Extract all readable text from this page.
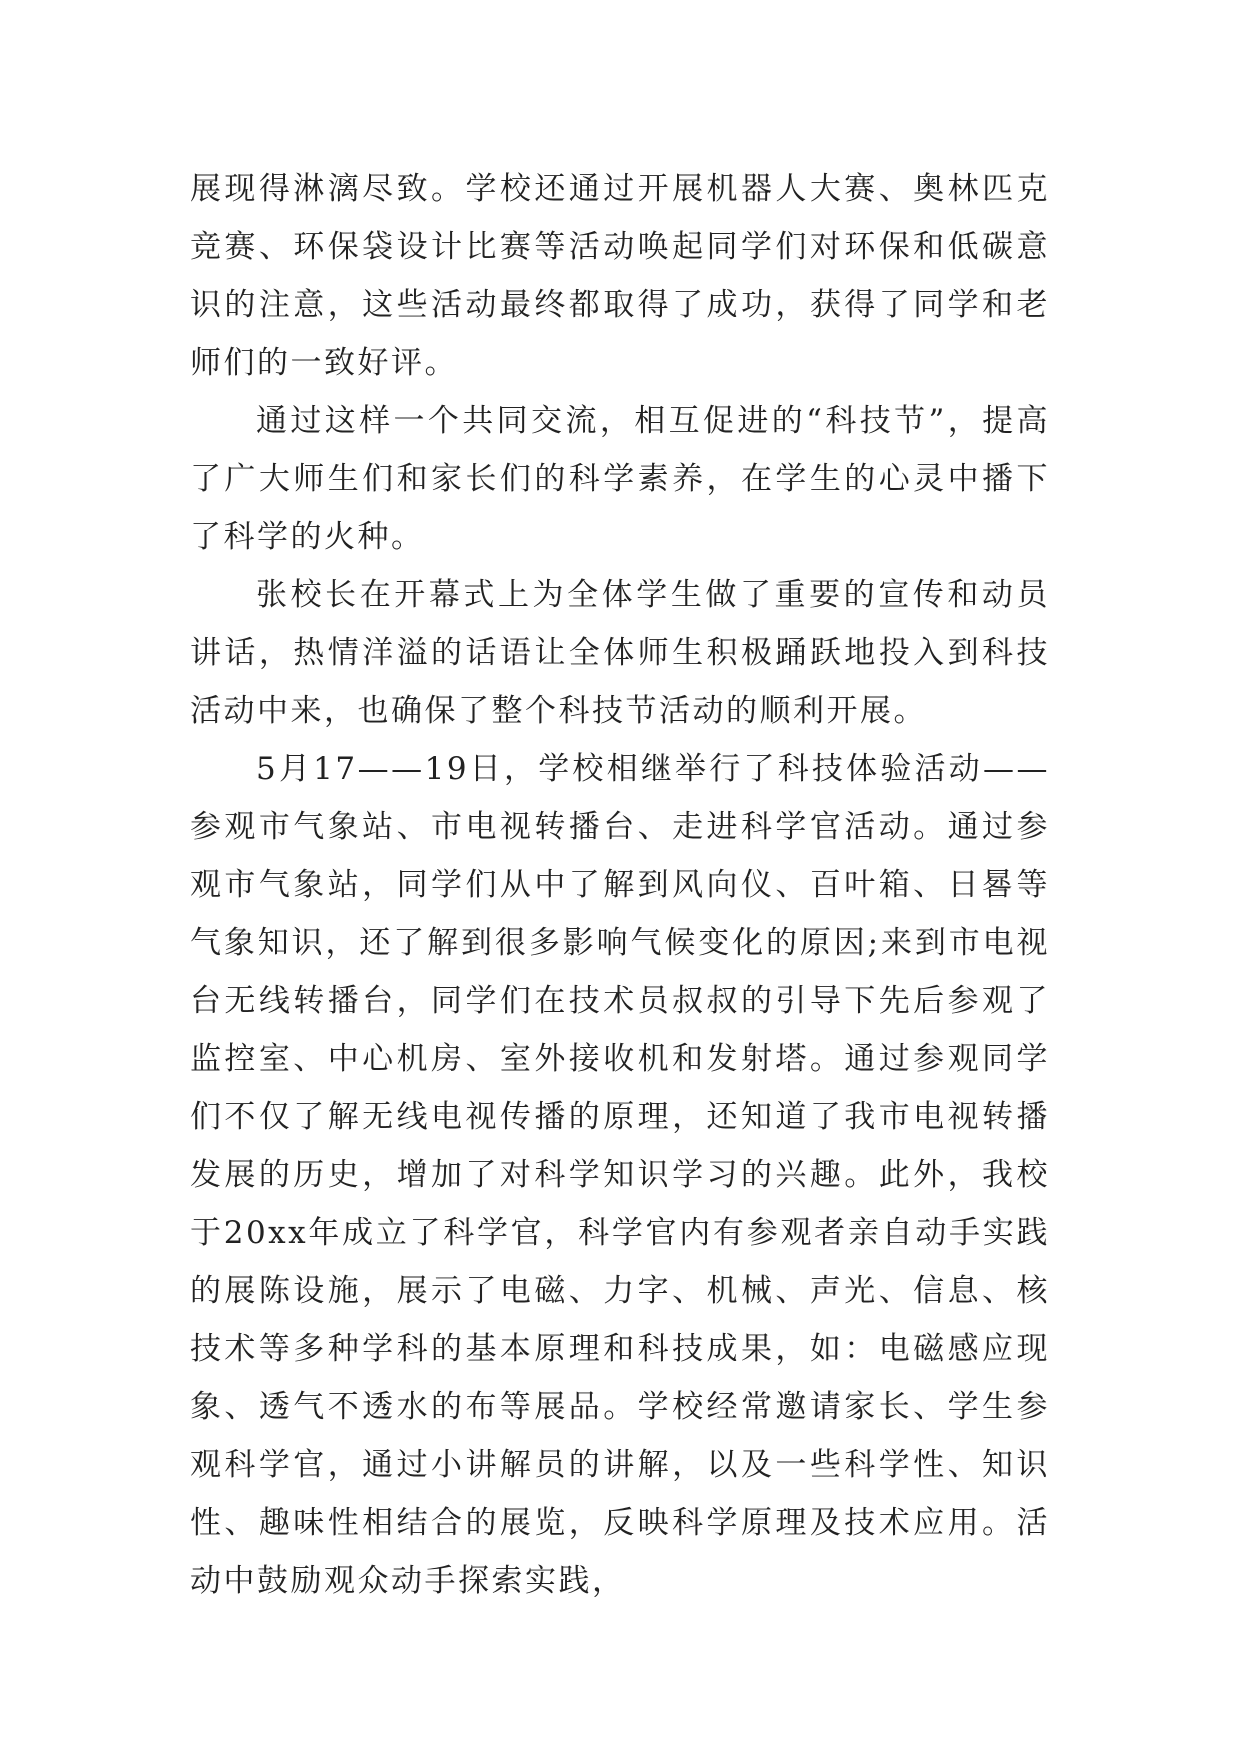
展现得淋漓尽致。学校还通过开展机器人大赛、奥林匹克竞赛、环保袋设计比赛等活动唤起同学们对环保和低碳意识的注意，这些活动最终都取得了成功，获得了同学和老师们的一致好评。

通过这样一个共同交流，相互促进的“科技节”，提高了广大师生们和家长们的科学素养，在学生的心灵中播下了科学的火种。

张校长在开幕式上为全体学生做了重要的宣传和动员讲话，热情洋溢的话语让全体师生积极踊跃地投入到科技活动中来，也确保了整个科技节活动的顺利开展。

5月17——19日，学校相继举行了科技体验活动——参观市气象站、市电视转播台、走进科学官活动。通过参观市气象站，同学们从中了解到风向仪、百叶箱、日晷等气象知识，还了解到很多影响气候变化的原因;来到市电视台无线转播台，同学们在技术员叔叔的引导下先后参观了监控室、中心机房、室外接收机和发射塔。通过参观同学们不仅了解无线电视传播的原理，还知道了我市电视转播发展的历史，增加了对科学知识学习的兴趣。此外，我校于20xx年成立了科学官，科学官内有参观者亲自动手实践的展陈设施，展示了电磁、力字、机械、声光、信息、核技术等多种学科的基本原理和科技成果，如：电磁感应现象、透气不透水的布等展品。学校经常邀请家长、学生参观科学官，通过小讲解员的讲解，以及一些科学性、知识性、趣味性相结合的展览，反映科学原理及技术应用。活动中鼓励观众动手探索实践，
